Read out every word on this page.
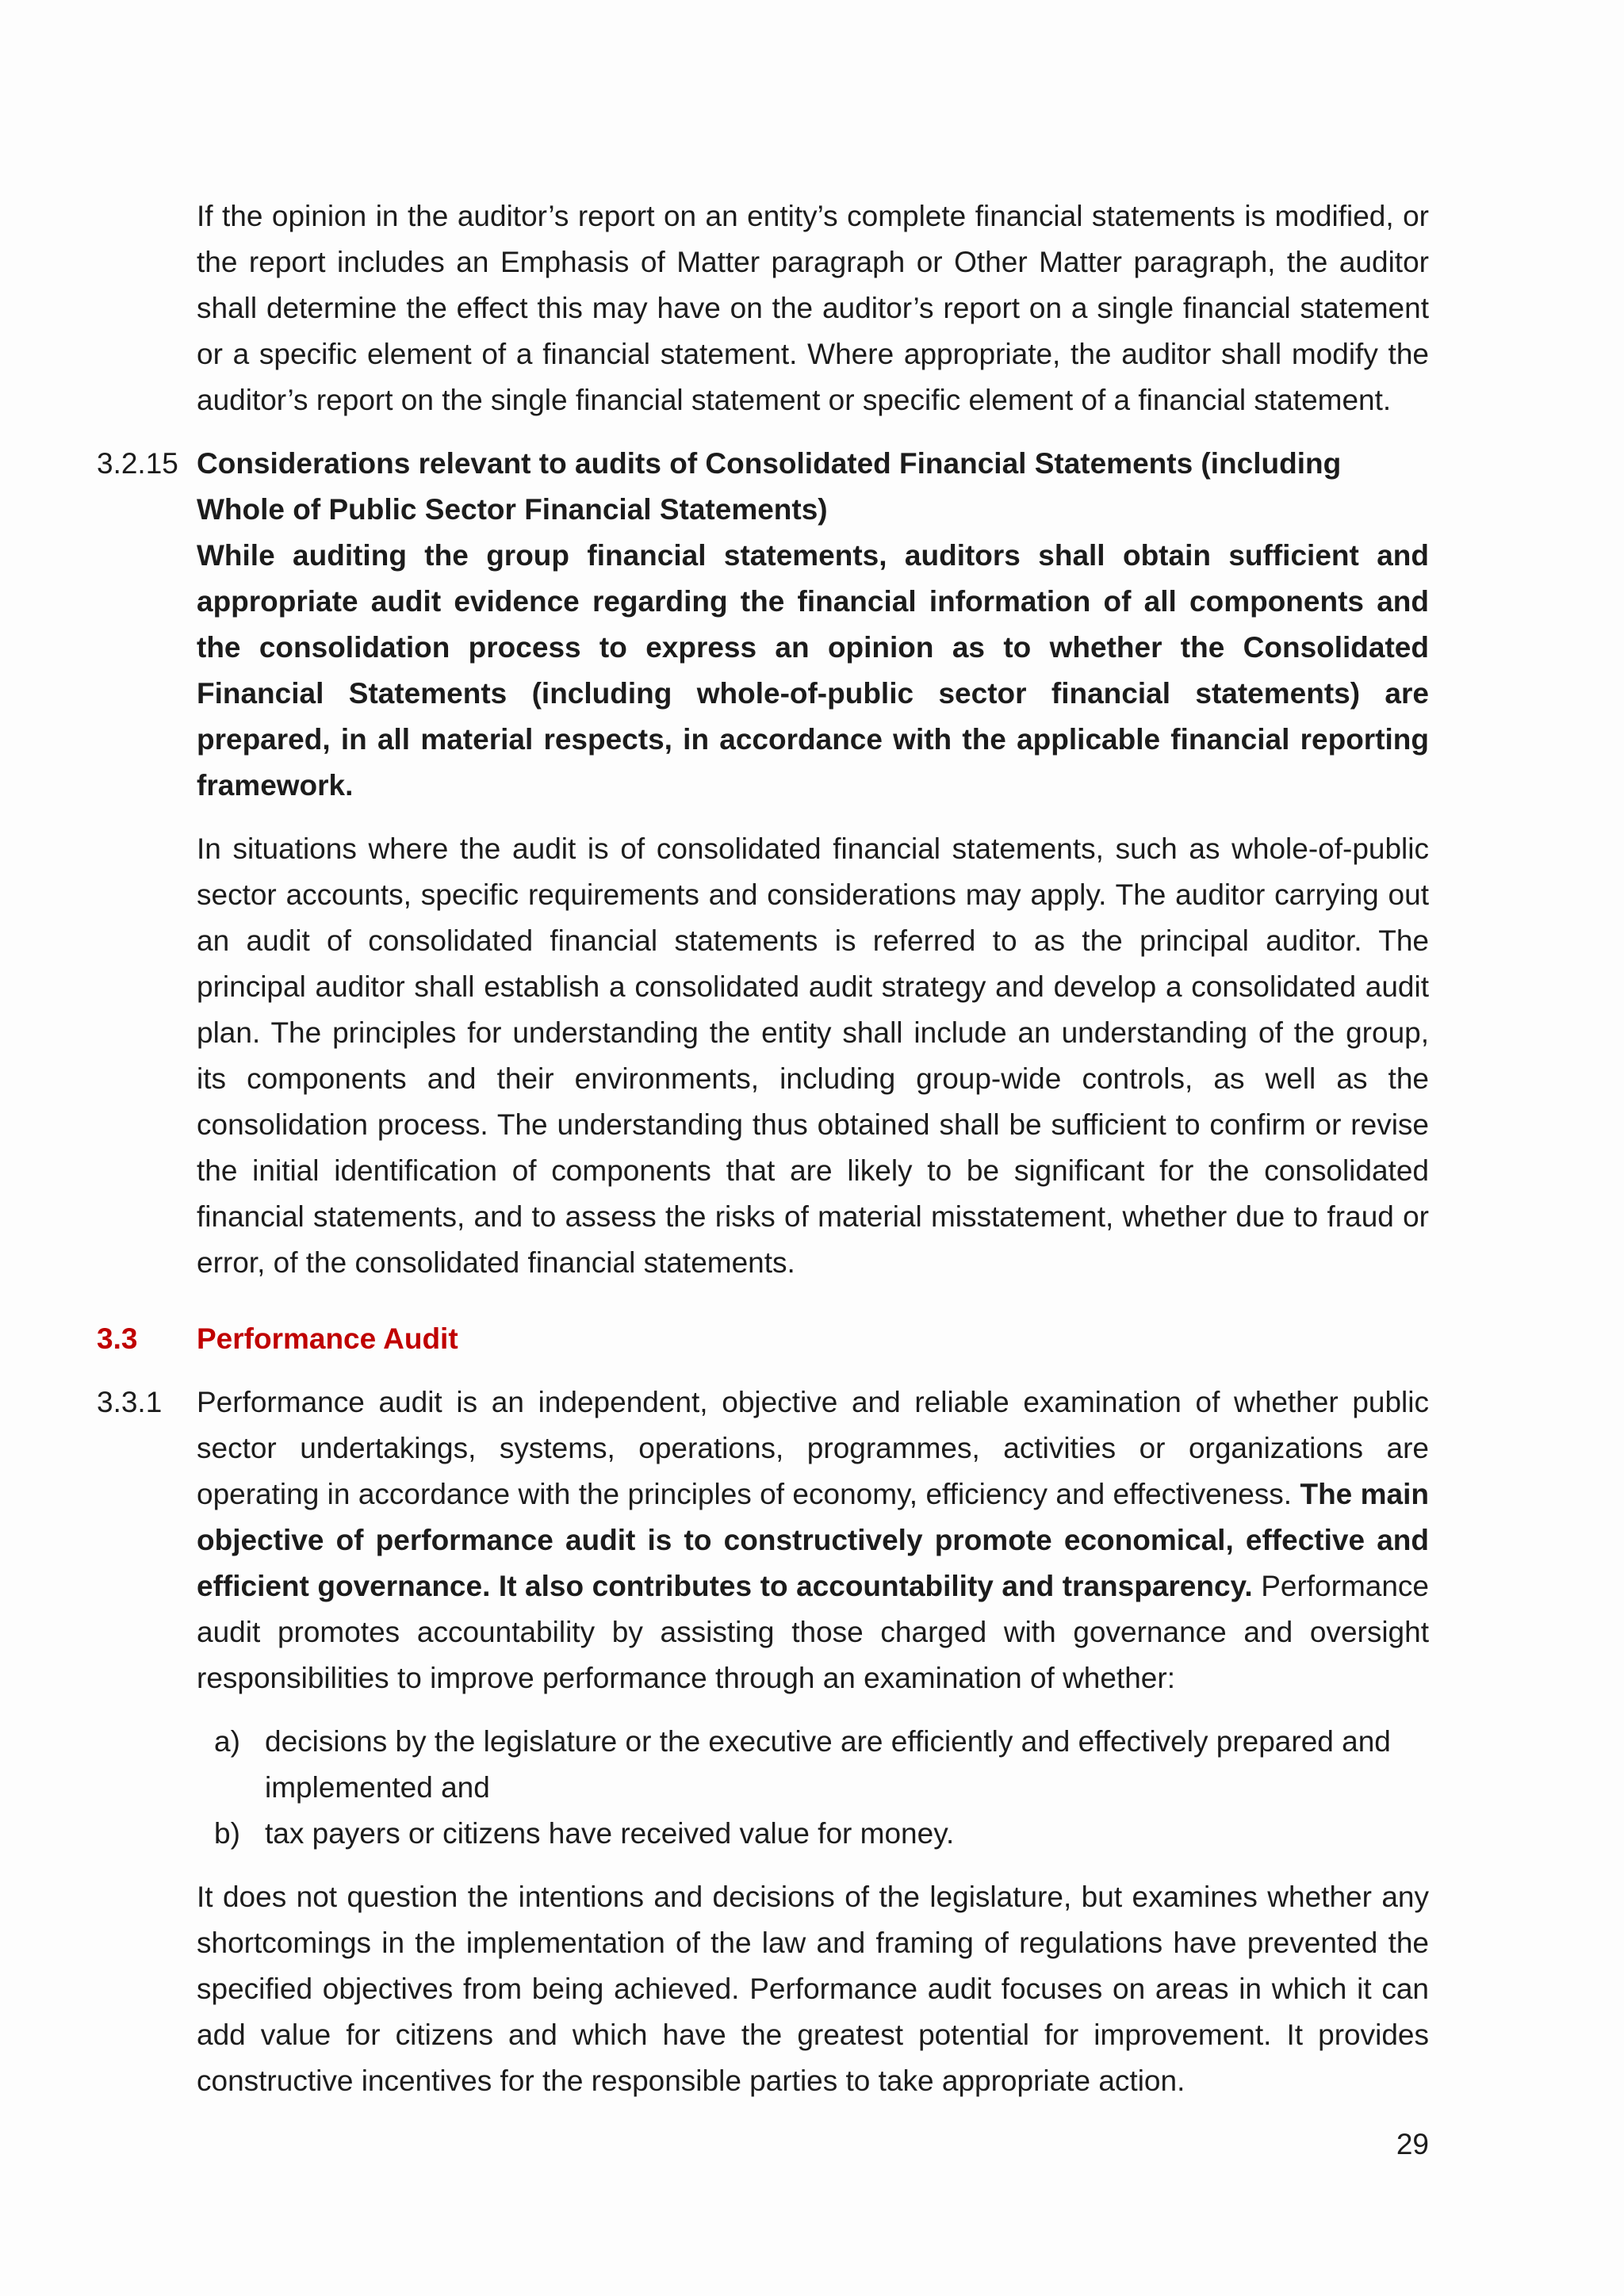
If the opinion in the auditor’s report on an entity’s complete financial statements is modified, or the report includes an Emphasis of Matter paragraph or Other Matter paragraph, the auditor shall determine the effect this may have on the auditor’s report on a single financial statement or a specific element of a financial statement. Where appropriate, the auditor shall modify the auditor’s report on the single financial statement or specific element of a financial statement.

3.2.15 Considerations relevant to audits of Consolidated Financial Statements (including Whole of Public Sector Financial Statements)

While auditing the group financial statements, auditors shall obtain sufficient and appropriate audit evidence regarding the financial information of all components and the consolidation process to express an opinion as to whether the Consolidated Financial Statements (including whole-of-public sector financial statements) are prepared, in all material respects, in accordance with the applicable financial reporting framework.

In situations where the audit is of consolidated financial statements, such as whole-of-public sector accounts, specific requirements and considerations may apply. The auditor carrying out an audit of consolidated financial statements is referred to as the principal auditor. The principal auditor shall establish a consolidated audit strategy and develop a consolidated audit plan. The principles for understanding the entity shall include an understanding of the group, its components and their environments, including group-wide controls, as well as the consolidation process. The understanding thus obtained shall be sufficient to confirm or revise the initial identification of components that are likely to be significant for the consolidated financial statements, and to assess the risks of material misstatement, whether due to fraud or error, of the consolidated financial statements.

3.3	Performance Audit
3.3.1	Performance audit is an independent, objective and reliable examination of whether public sector undertakings, systems, operations, programmes, activities or organizations are operating in accordance with the principles of economy, efficiency and effectiveness. The main objective of performance audit is to constructively promote economical, effective and efficient governance. It also contributes to accountability and transparency. Performance audit promotes accountability by assisting those charged with governance and oversight responsibilities to improve performance through an examination of whether:

a) decisions by the legislature or the executive are efficiently and effectively prepared and implemented and
b) tax payers or citizens have received value for money.

It does not question the intentions and decisions of the legislature, but examines whether any shortcomings in the implementation of the law and framing of regulations have prevented the specified objectives from being achieved. Performance audit focuses on areas in which it can add value for citizens and which have the greatest potential for improvement. It provides constructive incentives for the responsible parties to take appropriate action.

29
